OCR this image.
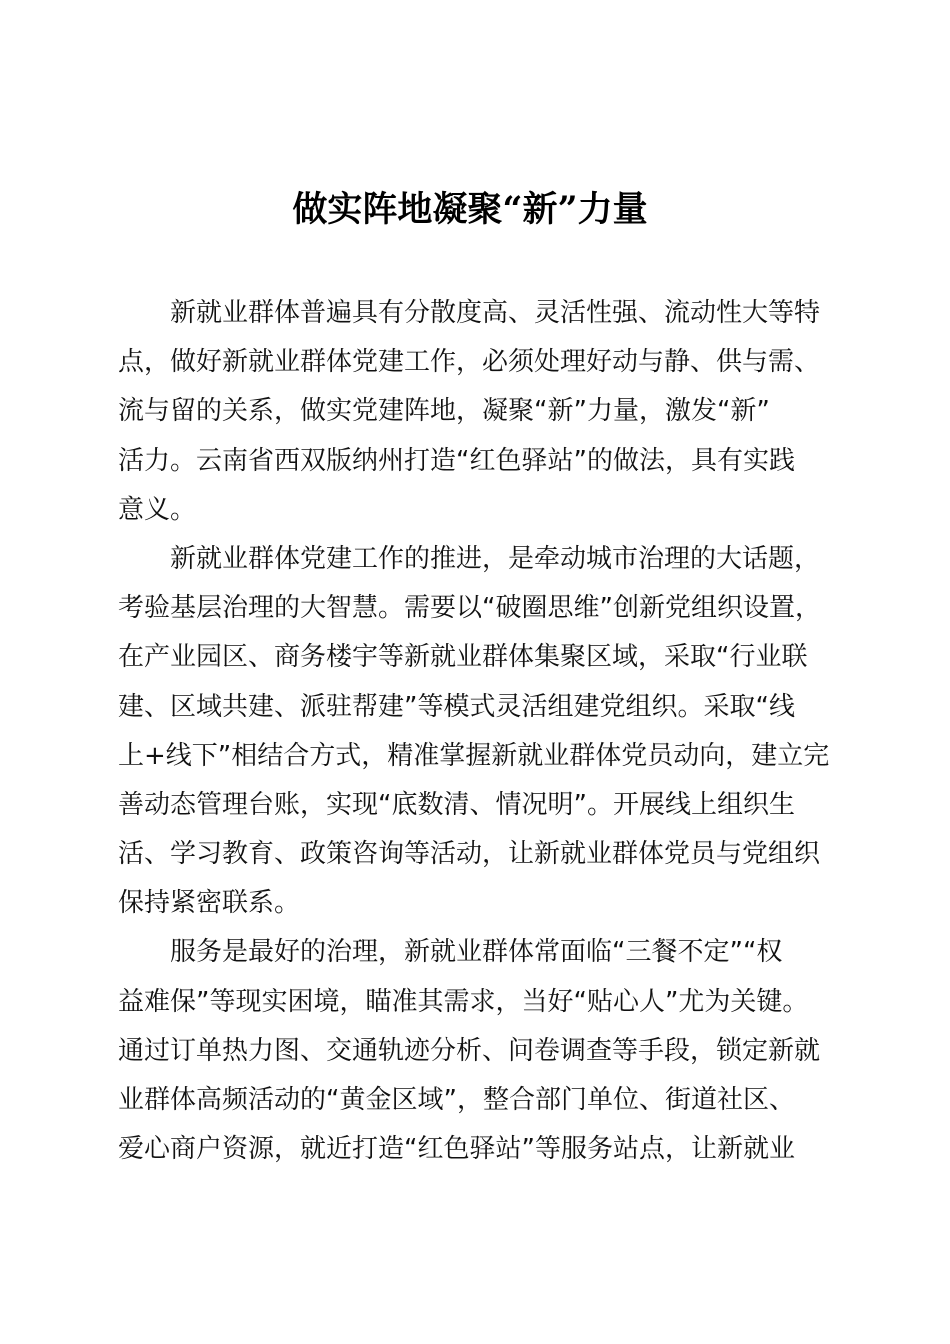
做实阵地凝聚“新”力量
新就业群体普遍具有分散度高、灵活性强、流动性大等特
点，做好新就业群体党建工作，必须处理好动与静、供与需、
流与留的关系，做实党建阵地，凝聚“新”力量，激发“新”
活力。云南省西双版纳州打造“红色驿站”的做法，具有实践
意义。
新就业群体党建工作的推进，是牵动城市治理的大话题，
考验基层治理的大智慧。需要以“破圈思维”创新党组织设置，
在产业园区、商务楼宇等新就业群体集聚区域，采取“行业联
建、区域共建、派驻帮建”等模式灵活组建党组织。采取“线
上+线下”相结合方式，精准掌握新就业群体党员动向，建立完
善动态管理台账，实现“底数清、情况明”。开展线上组织生
活、学习教育、政策咨询等活动，让新就业群体党员与党组织
保持紧密联系。
服务是最好的治理，新就业群体常面临“三餐不定”“权
益难保”等现实困境，瞄准其需求，当好“贴心人”尤为关键。
通过订单热力图、交通轨迹分析、问卷调查等手段，锁定新就
业群体高频活动的“黄金区域”，整合部门单位、街道社区、
爱心商户资源，就近打造“红色驿站”等服务站点，让新就业
